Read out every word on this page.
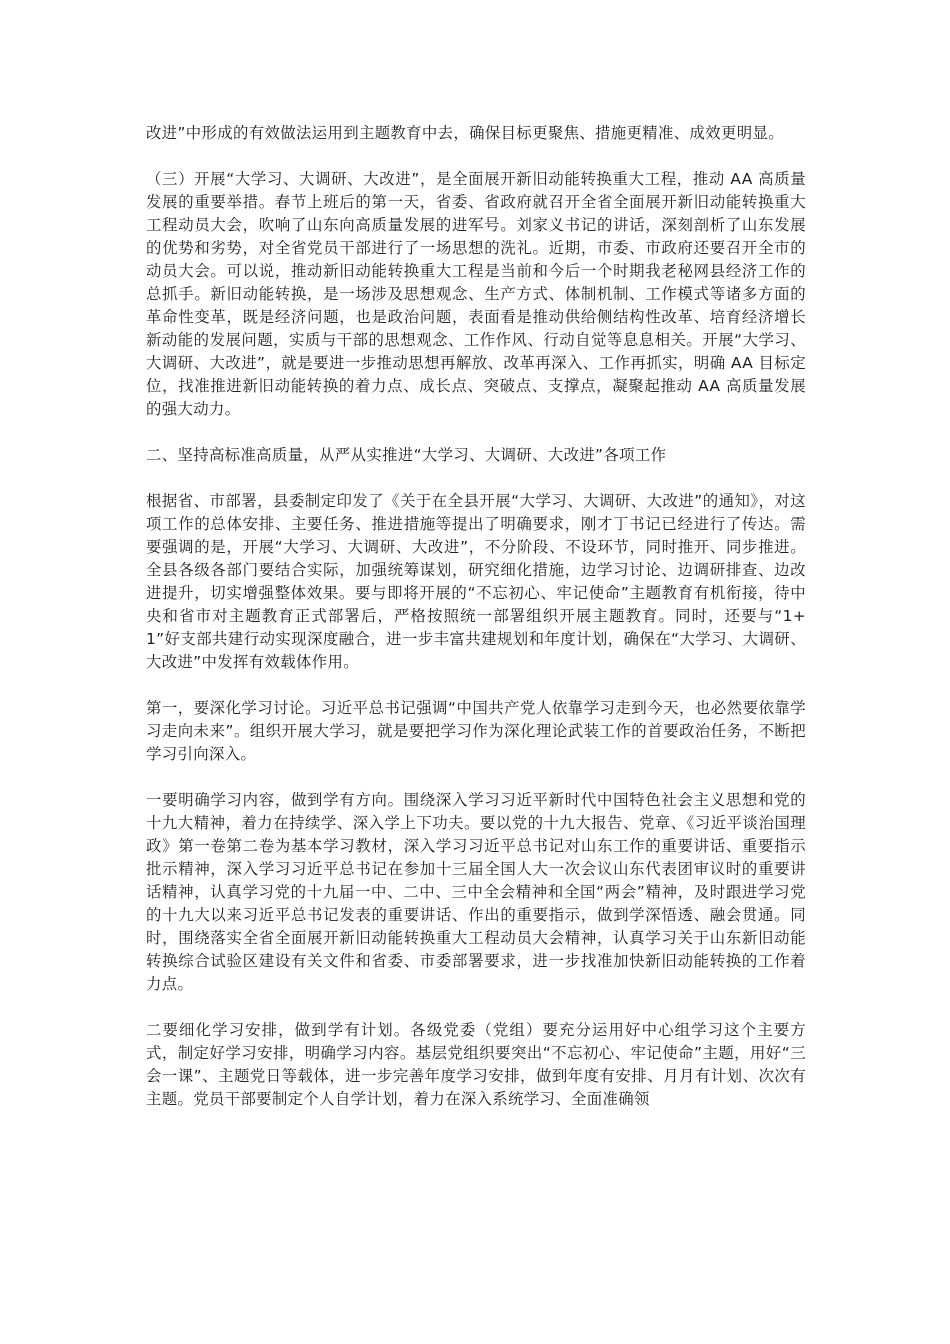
改进”中形成的有效做法运用到主题教育中去，确保目标更聚焦、措施更精准、成效更明显。

（三）开展“大学习、大调研、大改进”，是全面展开新旧动能转换重大工程，推动 AA 高质量发展的重要举措。春节上班后的第一天，省委、省政府就召开全省全面展开新旧动能转换重大工程动员大会，吹响了山东向高质量发展的进军号。刘家义书记的讲话，深刻剖析了山东发展的优势和劣势，对全省党员干部进行了一场思想的洗礼。近期，市委、市政府还要召开全市的动员大会。可以说，推动新旧动能转换重大工程是当前和今后一个时期我老秘网县经济工作的总抓手。新旧动能转换，是一场涉及思想观念、生产方式、体制机制、工作模式等诸多方面的革命性变革，既是经济问题，也是政治问题，表面看是推动供给侧结构性改革、培育经济增长新动能的发展问题，实质与干部的思想观念、工作作风、行动自觉等息息相关。开展“大学习、大调研、大改进”，就是要进一步推动思想再解放、改革再深入、工作再抓实，明确 AA 目标定位，找准推进新旧动能转换的着力点、成长点、突破点、支撑点，凝聚起推动 AA 高质量发展的强大动力。

二、坚持高标准高质量，从严从实推进“大学习、大调研、大改进”各项工作

根据省、市部署，县委制定印发了《关于在全县开展“大学习、大调研、大改进”的通知》，对这项工作的总体安排、主要任务、推进措施等提出了明确要求，刚才丁书记已经进行了传达。需要强调的是，开展“大学习、大调研、大改进”，不分阶段、不设环节，同时推开、同步推进。全县各级各部门要结合实际，加强统筹谋划，研究细化措施，边学习讨论、边调研排查、边改进提升，切实增强整体效果。要与即将开展的“不忘初心、牢记使命”主题教育有机衔接，待中央和省市对主题教育正式部署后，严格按照统一部署组织开展主题教育。同时，还要与“1+1”好支部共建行动实现深度融合，进一步丰富共建规划和年度计划，确保在“大学习、大调研、大改进”中发挥有效载体作用。

第一，要深化学习讨论。习近平总书记强调“中国共产党人依靠学习走到今天，也必然要依靠学习走向未来”。组织开展大学习，就是要把学习作为深化理论武装工作的首要政治任务，不断把学习引向深入。

一要明确学习内容，做到学有方向。围绕深入学习习近平新时代中国特色社会主义思想和党的十九大精神，着力在持续学、深入学上下功夫。要以党的十九大报告、党章、《习近平谈治国理政》第一卷第二卷为基本学习教材，深入学习习近平总书记对山东工作的重要讲话、重要指示批示精神，深入学习习近平总书记在参加十三届全国人大一次会议山东代表团审议时的重要讲话精神，认真学习党的十九届一中、二中、三中全会精神和全国“两会”精神，及时跟进学习党的十九大以来习近平总书记发表的重要讲话、作出的重要指示，做到学深悟透、融会贯通。同时，围绕落实全省全面展开新旧动能转换重大工程动员大会精神，认真学习关于山东新旧动能转换综合试验区建设有关文件和省委、市委部署要求，进一步找准加快新旧动能转换的工作着力点。

二要细化学习安排，做到学有计划。各级党委（党组）要充分运用好中心组学习这个主要方式，制定好学习安排，明确学习内容。基层党组织要突出“不忘初心、牢记使命”主题，用好“三会一课”、主题党日等载体，进一步完善年度学习安排，做到年度有安排、月月有计划、次次有主题。党员干部要制定个人自学计划，着力在深入系统学习、全面准确领
